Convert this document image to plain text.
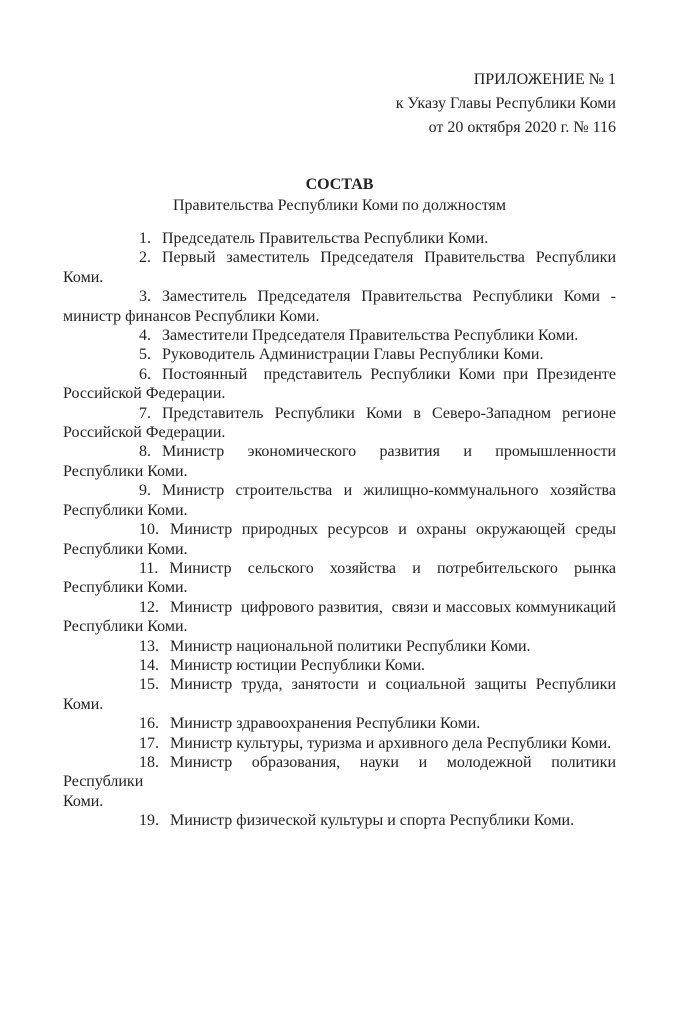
ПРИЛОЖЕНИЕ № 1
к Указу Главы Республики Коми
от 20 октября 2020 г. № 116
СОСТАВ
Правительства Республики Коми по должностям

1. Председатель Правительства Республики Коми.

2. Первый заместитель Председателя Правительства Республики
Коми.

3. Заместитель Председателя Правительства Республики Коми -
министр финансов Республики Коми.

4. Заместители Председателя Правительства Республики Коми.

5. Руководитель Администрации Главы Республики Коми.

6. Постоянный  представитель Республики Коми при Президенте
Российской Федерации.

7. Представитель Республики Коми в Северо-Западном регионе
Российской Федерации.

8. Министр экономического развития и промышленности
Республики Коми.

9. Министр строительства и жилищно-коммунального хозяйства
Республики Коми.

10. Министр природных ресурсов и охраны окружающей среды
Республики Коми.

11. Министр сельского хозяйства и потребительского рынка
Республики Коми.

12. Министр  цифрового развития,  связи и массовых коммуникаций
Республики Коми.

13. Министр национальной политики Республики Коми.

14. Министр юстиции Республики Коми.

15. Министр труда, занятости и социальной защиты Республики
Коми.

16. Министр здравоохранения Республики Коми.

17. Министр культуры, туризма и архивного дела Республики Коми.

18. Министр образования, науки и молодежной политики Республики
Коми.

19. Министр физической культуры и спорта Республики Коми.
